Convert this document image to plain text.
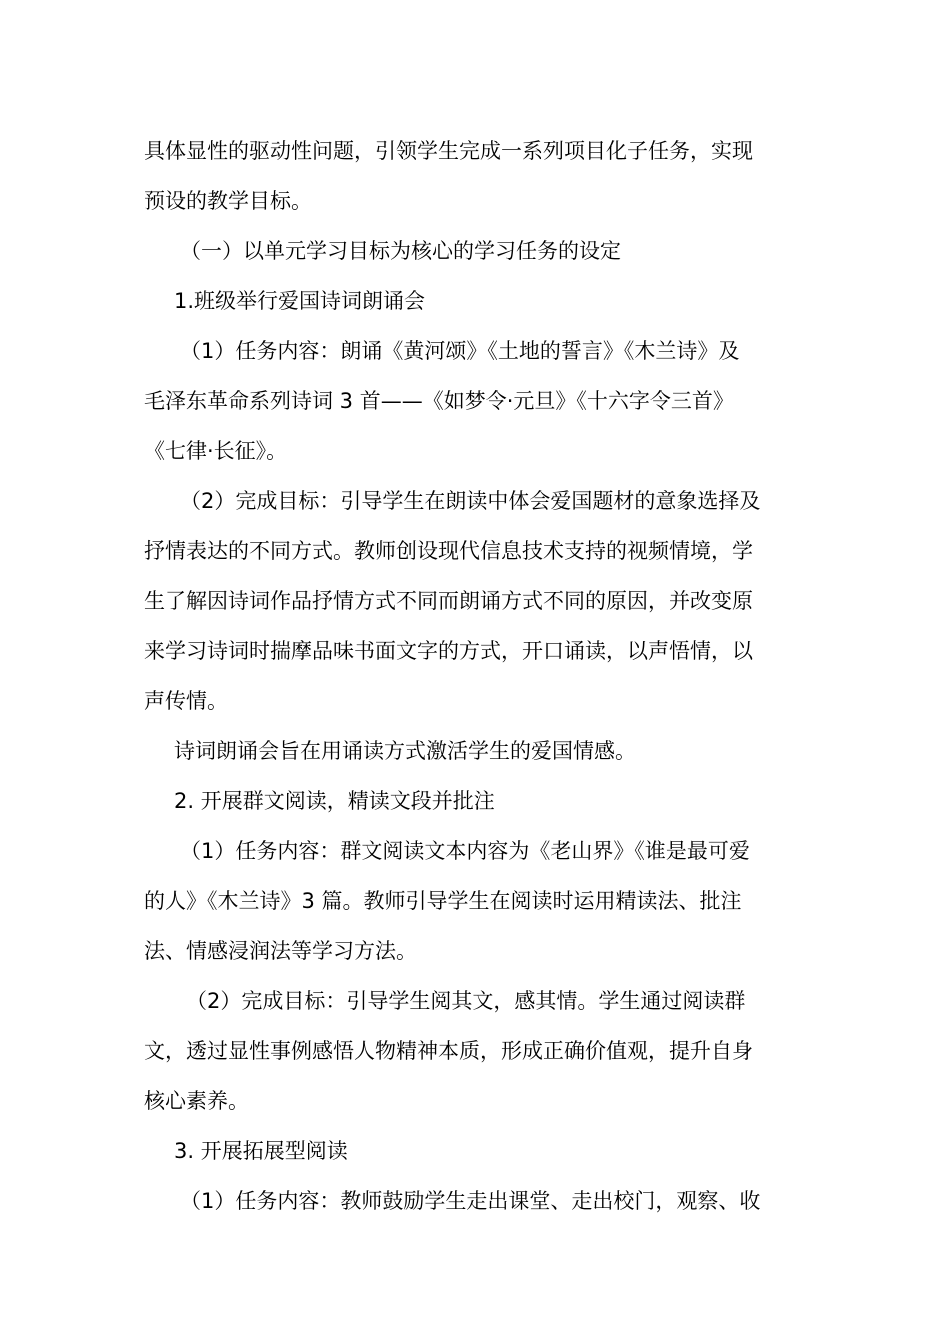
具体显性的驱动性问题，引领学生完成一系列项目化子任务，实现
预设的教学目标。
（一）以单元学习目标为核心的学习任务的设定
1.班级举行爱国诗词朗诵会
（1）任务内容：朗诵《黄河颂》《土地的誓言》《木兰诗》及
毛泽东革命系列诗词 3 首——《如梦令·元旦》《十六字令三首》
《七律·长征》。
（2）完成目标：引导学生在朗读中体会爱国题材的意象选择及
抒情表达的不同方式。教师创设现代信息技术支持的视频情境，学
生了解因诗词作品抒情方式不同而朗诵方式不同的原因，并改变原
来学习诗词时揣摩品味书面文字的方式，开口诵读，以声悟情，以
声传情。
诗词朗诵会旨在用诵读方式激活学生的爱国情感。
2. 开展群文阅读，精读文段并批注
（1）任务内容：群文阅读文本内容为《老山界》《谁是最可爱
的人》《木兰诗》3 篇。教师引导学生在阅读时运用精读法、批注
法、情感浸润法等学习方法。
（2）完成目标：引导学生阅其文，感其情。学生通过阅读群
文，透过显性事例感悟人物精神本质，形成正确价值观，提升自身
核心素养。
3. 开展拓展型阅读
（1）任务内容：教师鼓励学生走出课堂、走出校门，观察、收
